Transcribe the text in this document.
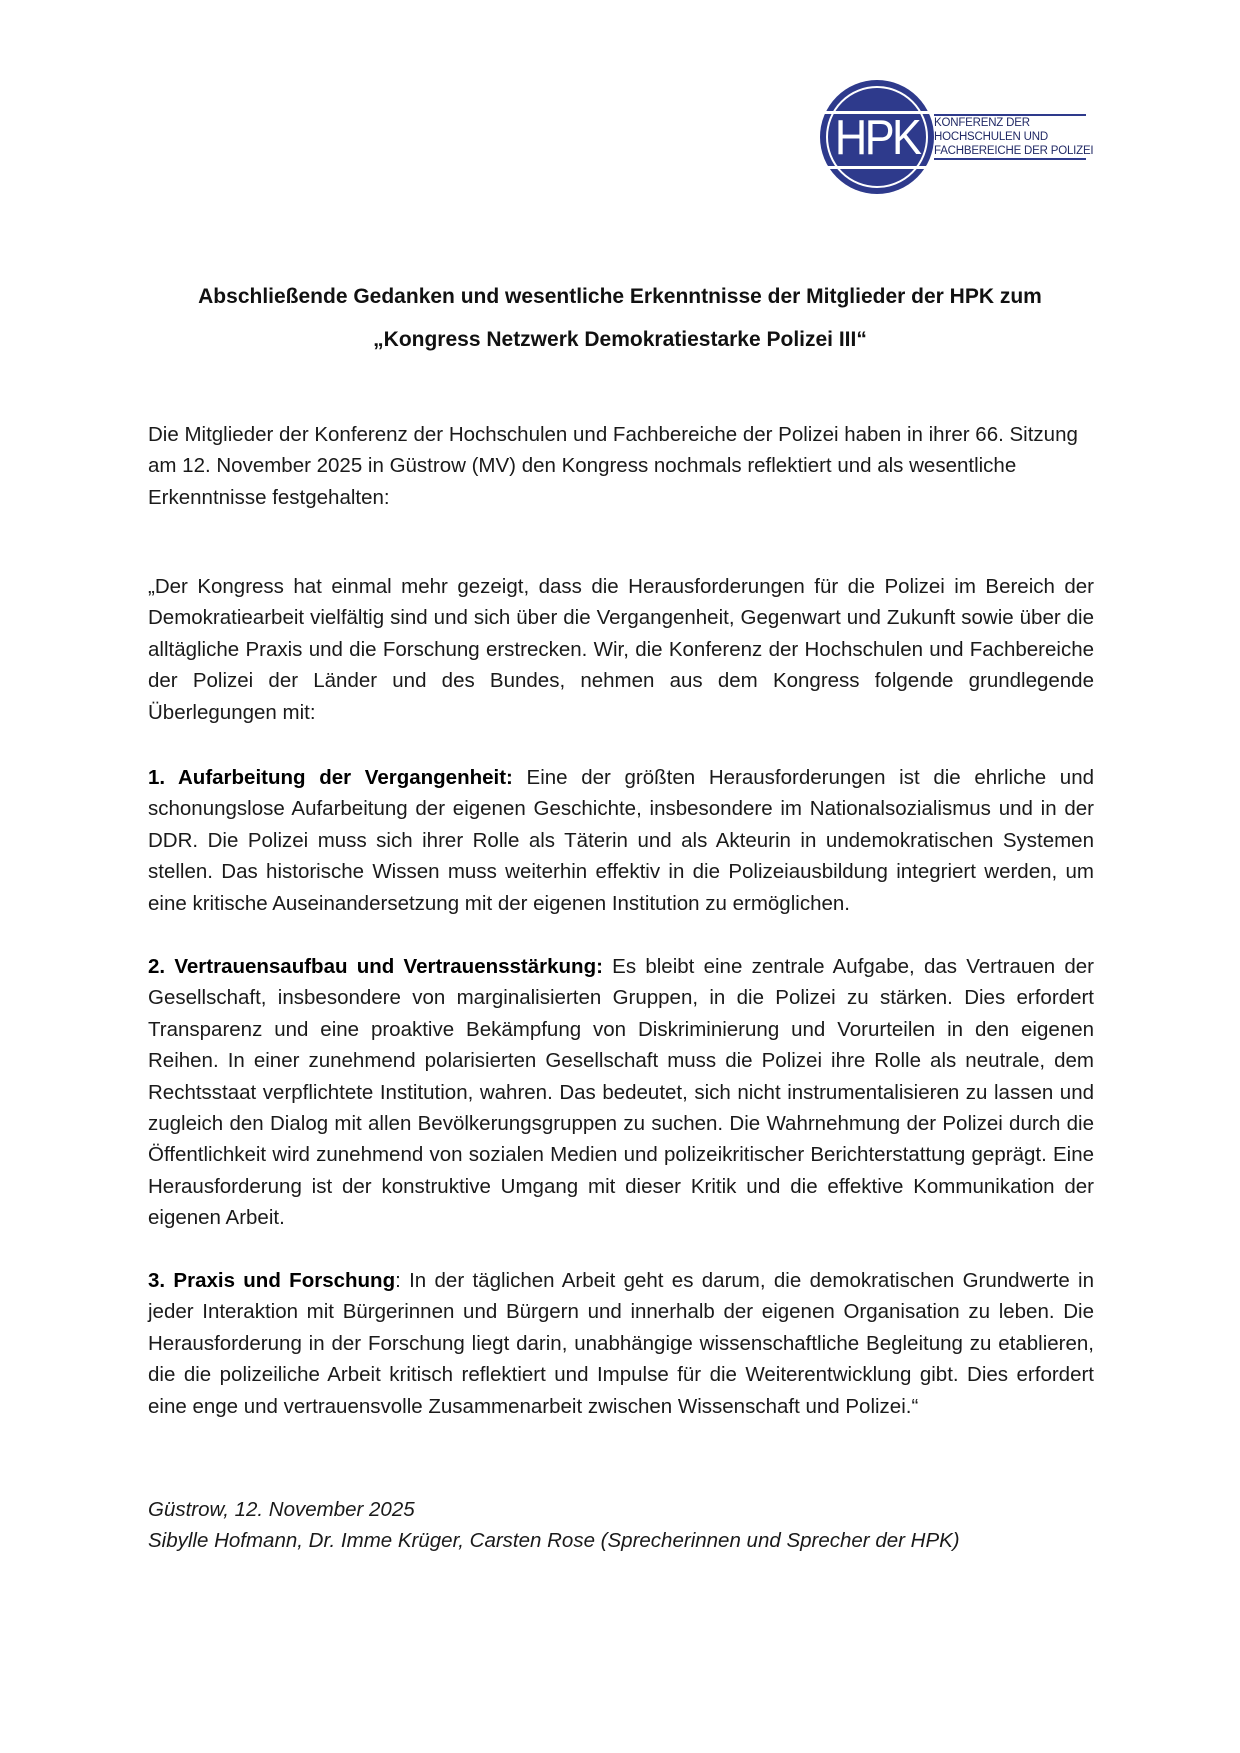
HPK	KONFERENZ DER
HOCHSCHULEN UND
FACHBEREICHE DER POLIZEI
Abschließende Gedanken und wesentliche Erkenntnisse der Mitglieder der HPK zum
„Kongress Netzwerk Demokratiestarke Polizei III“
Die Mitglieder der Konferenz der Hochschulen und Fachbereiche der Polizei haben in ihrer 66. Sitzung am 12. November 2025 in Güstrow (MV) den Kongress nochmals reflektiert und als wesentliche Erkenntnisse festgehalten:
„Der Kongress hat einmal mehr gezeigt, dass die Herausforderungen für die Polizei im Bereich der Demokratiearbeit vielfältig sind und sich über die Vergangenheit, Gegenwart und Zukunft sowie über die alltägliche Praxis und die Forschung erstrecken. Wir, die Konferenz der Hochschulen und Fachbereiche der Polizei der Länder und des Bundes, nehmen aus dem Kongress folgende grundlegende Überlegungen mit:
1. Aufarbeitung der Vergangenheit: Eine der größten Herausforderungen ist die ehrliche und schonungslose Aufarbeitung der eigenen Geschichte, insbesondere im Nationalsozialismus und in der DDR. Die Polizei muss sich ihrer Rolle als Täterin und als Akteurin in undemokratischen Systemen stellen. Das historische Wissen muss weiterhin effektiv in die Polizeiausbildung integriert werden, um eine kritische Auseinandersetzung mit der eigenen Institution zu ermöglichen.
2. Vertrauensaufbau und Vertrauensstärkung: Es bleibt eine zentrale Aufgabe, das Vertrauen der Gesellschaft, insbesondere von marginalisierten Gruppen, in die Polizei zu stärken. Dies erfordert Transparenz und eine proaktive Bekämpfung von Diskriminierung und Vorurteilen in den eigenen Reihen. In einer zunehmend polarisierten Gesellschaft muss die Polizei ihre Rolle als neutrale, dem Rechtsstaat verpflichtete Institution, wahren. Das bedeutet, sich nicht instrumentalisieren zu lassen und zugleich den Dialog mit allen Bevölkerungsgruppen zu suchen. Die Wahrnehmung der Polizei durch die Öffentlichkeit wird zunehmend von sozialen Medien und polizeikritischer Berichterstattung geprägt. Eine Herausforderung ist der konstruktive Umgang mit dieser Kritik und die effektive Kommunikation der eigenen Arbeit.
3. Praxis und Forschung: In der täglichen Arbeit geht es darum, die demokratischen Grundwerte in jeder Interaktion mit Bürgerinnen und Bürgern und innerhalb der eigenen Organisation zu leben. Die Herausforderung in der Forschung liegt darin, unabhängige wissenschaftliche Begleitung zu etablieren, die die polizeiliche Arbeit kritisch reflektiert und Impulse für die Weiterentwicklung gibt. Dies erfordert eine enge und vertrauensvolle Zusammenarbeit zwischen Wissenschaft und Polizei.“
Güstrow, 12. November 2025
Sibylle Hofmann, Dr. Imme Krüger, Carsten Rose (Sprecherinnen und Sprecher der HPK)
